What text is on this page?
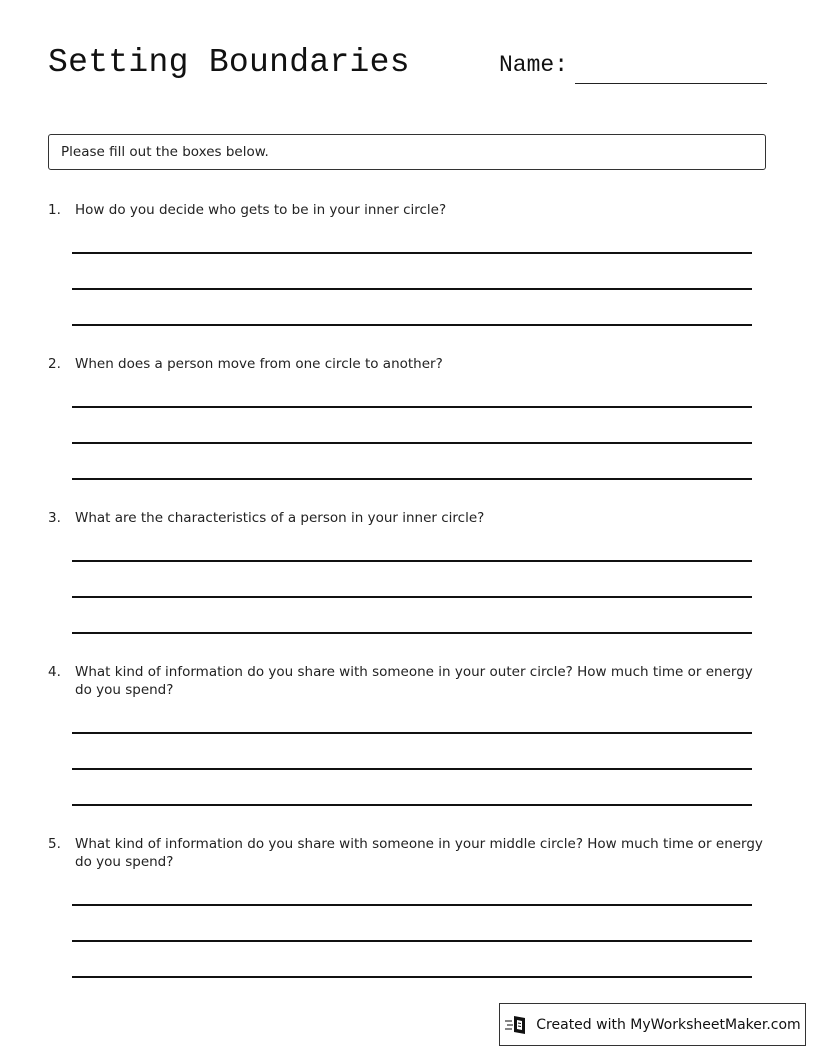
Setting Boundaries	Name:
Please fill out the boxes below.
1.	How do you decide who gets to be in your inner circle?
2.	When does a person move from one circle to another?
3.	What are the characteristics of a person in your inner circle?
4.	What kind of information do you share with someone in your outer circle? How much time or energy do you spend?
5.	What kind of information do you share with someone in your middle circle? How much time or energy do you spend?
Created with MyWorksheetMaker.com
